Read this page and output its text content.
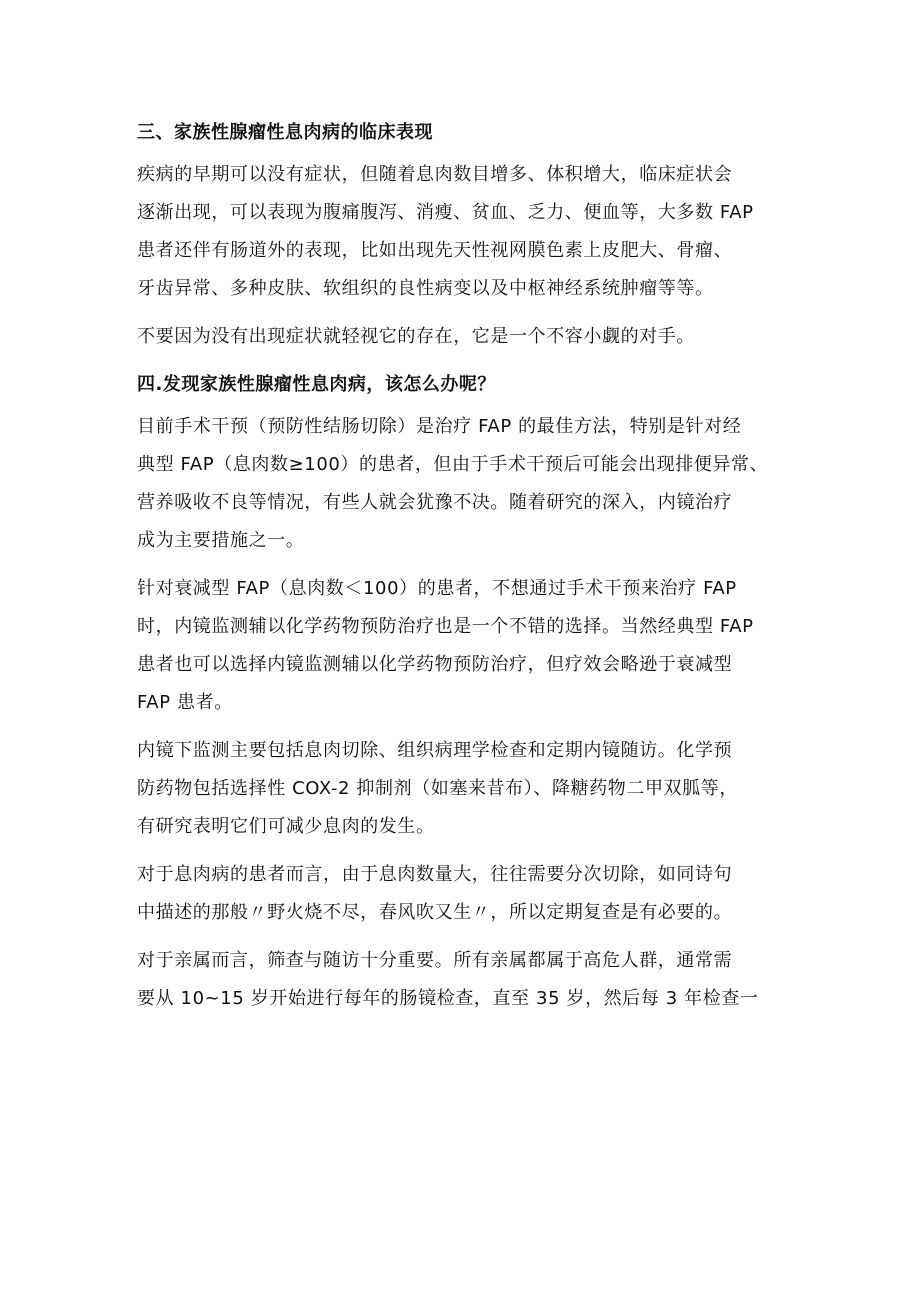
三、家族性腺瘤性息肉病的临床表现

疾病的早期可以没有症状，但随着息肉数目增多、体积增大，临床症状会
逐渐出现，可以表现为腹痛腹泻、消瘦、贫血、乏力、便血等，大多数 FAP
患者还伴有肠道外的表现，比如出现先天性视网膜色素上皮肥大、骨瘤、
牙齿异常、多种皮肤、软组织的良性病变以及中枢神经系统肿瘤等等。

不要因为没有出现症状就轻视它的存在，它是一个不容小觑的对手。

四.发现家族性腺瘤性息肉病，该怎么办呢？

目前手术干预（预防性结肠切除）是治疗 FAP 的最佳方法，特别是针对经
典型 FAP（息肉数≥100）的患者，但由于手术干预后可能会出现排便异常、
营养吸收不良等情况，有些人就会犹豫不决。随着研究的深入，内镜治疗
成为主要措施之一。

针对衰减型 FAP（息肉数＜100）的患者，不想通过手术干预来治疗 FAP
时，内镜监测辅以化学药物预防治疗也是一个不错的选择。当然经典型 FAP
患者也可以选择内镜监测辅以化学药物预防治疗，但疗效会略逊于衰减型
FAP 患者。

内镜下监测主要包括息肉切除、组织病理学检查和定期内镜随访。化学预
防药物包括选择性 COX-2 抑制剂（如塞来昔布）、降糖药物二甲双胍等，
有研究表明它们可减少息肉的发生。

对于息肉病的患者而言，由于息肉数量大，往往需要分次切除，如同诗句
中描述的那般〃野火烧不尽，春风吹又生〃，所以定期复查是有必要的。

对于亲属而言，筛查与随访十分重要。所有亲属都属于高危人群，通常需
要从 10~15 岁开始进行每年的肠镜检查，直至 35 岁，然后每 3 年检查一
